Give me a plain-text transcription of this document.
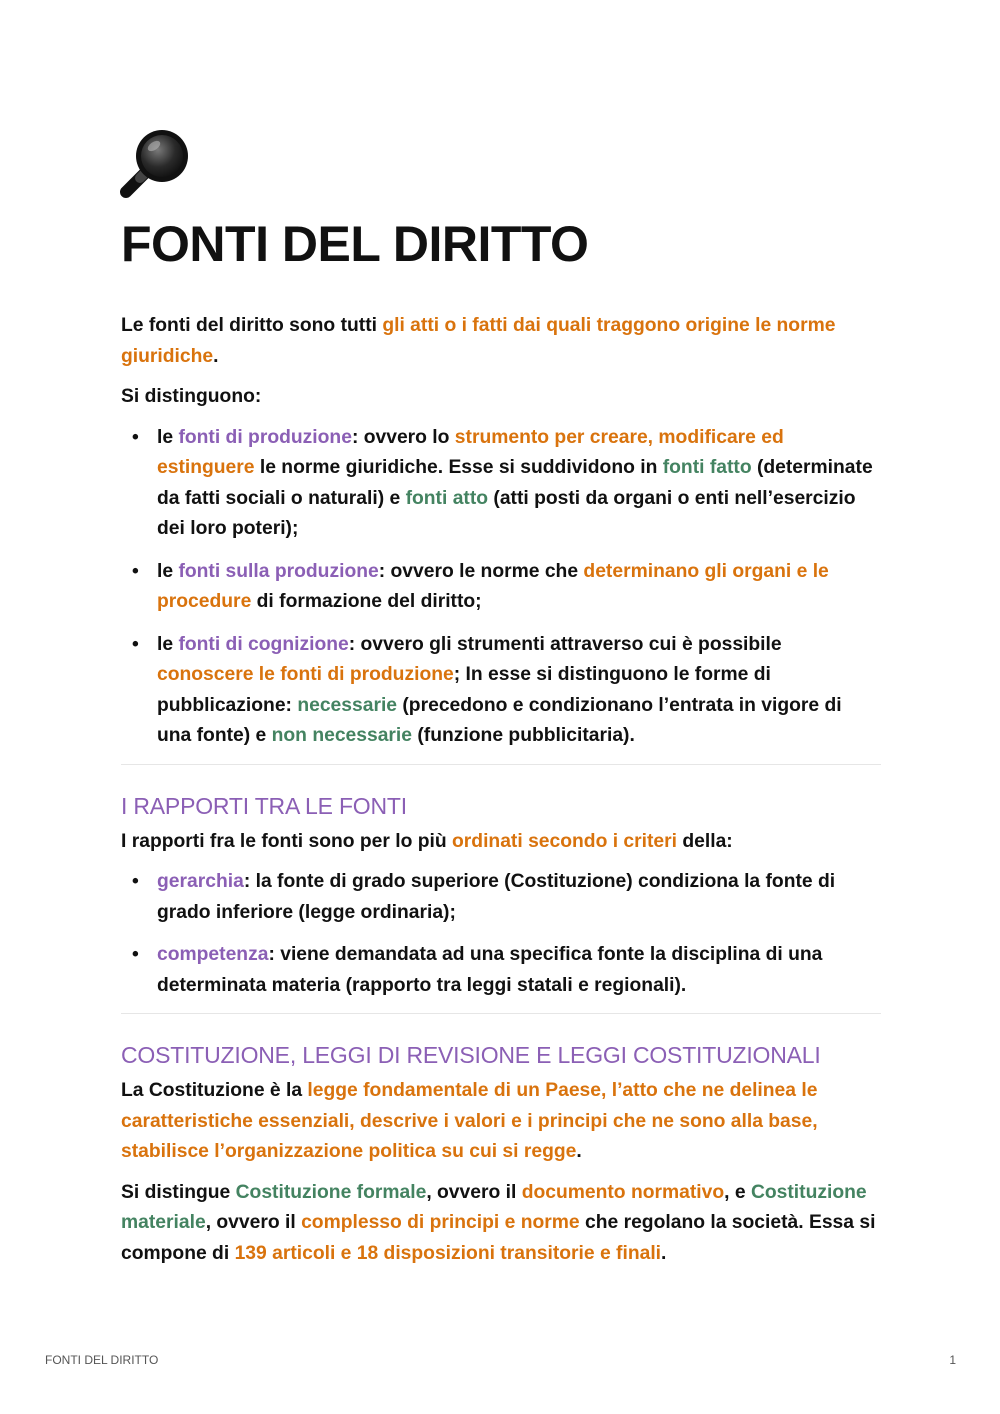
FONTI DEL DIRITTO

Le fonti del diritto sono tutti gli atti o i fatti dai quali traggono origine le norme giuridiche.

Si distinguono:

• le fonti di produzione: ovvero lo strumento per creare, modificare ed estinguere le norme giuridiche. Esse si suddividono in fonti fatto (determinate da fatti sociali o naturali) e fonti atto (atti posti da organi o enti nell’esercizio dei loro poteri);
• le fonti sulla produzione: ovvero le norme che determinano gli organi e le procedure di formazione del diritto;
• le fonti di cognizione: ovvero gli strumenti attraverso cui è possibile conoscere le fonti di produzione; In esse si distinguono le forme di pubblicazione: necessarie (precedono e condizionano l’entrata in vigore di una fonte) e non necessarie (funzione pubblicitaria).
I RAPPORTI TRA LE FONTI

I rapporti fra le fonti sono per lo più ordinati secondo i criteri della:

• gerarchia: la fonte di grado superiore (Costituzione) condiziona la fonte di grado inferiore (legge ordinaria);
• competenza: viene demandata ad una specifica fonte la disciplina di una determinata materia (rapporto tra leggi statali e regionali).
COSTITUZIONE, LEGGI DI REVISIONE E LEGGI COSTITUZIONALI

La Costituzione è la legge fondamentale di un Paese, l’atto che ne delinea le caratteristiche essenziali, descrive i valori e i principi che ne sono alla base, stabilisce l’organizzazione politica su cui si regge.

Si distingue Costituzione formale, ovvero il documento normativo, e Costituzione materiale, ovvero il complesso di principi e norme che regolano la società. Essa si compone di 139 articoli e 18 disposizioni transitorie e finali.

FONTI DEL DIRITTO	1
